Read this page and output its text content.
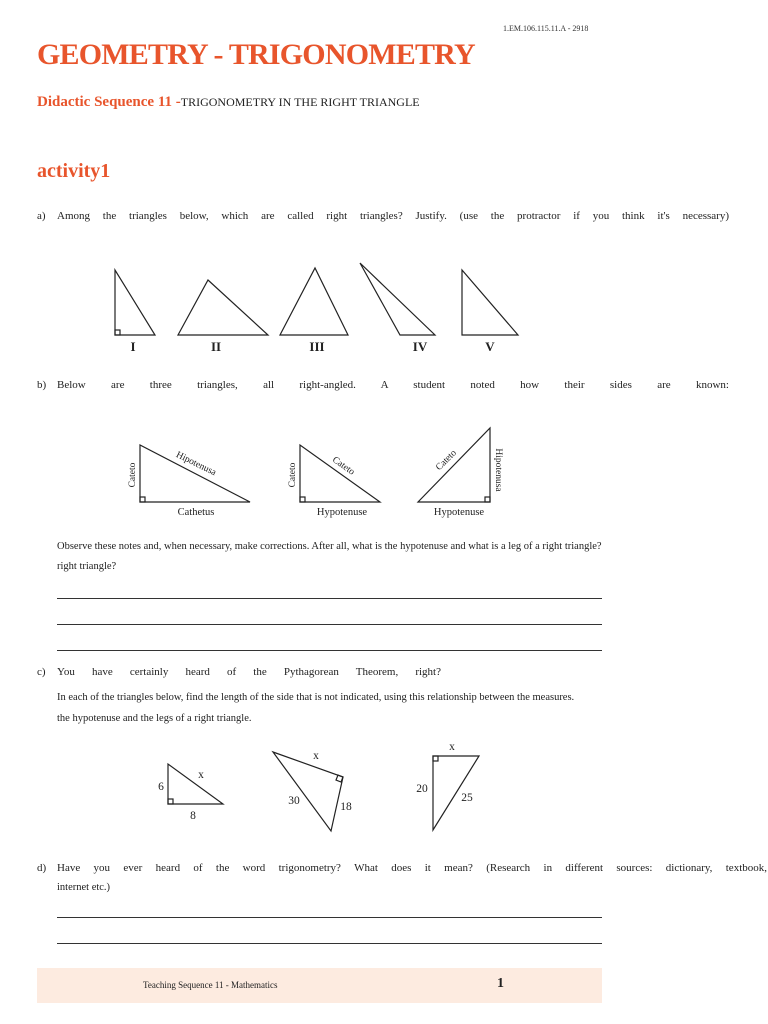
1.EM.106.115.11.A - 2918
GEOMETRY - TRIGONOMETRY
Didactic Sequence 11 -TRIGONOMETRY IN THE RIGHT TRIANGLE
activity1
a) Among the triangles below, which are called right triangles? Justify. (use the protractor if you think it's necessary)
I	II	III	IV	V
b) Below are three triangles, all right-angled. A student noted how their sides are known:
Cateto	Hipotenusa	Cateto	Cateto	Cateto	Hipotenusa
Cathetus	Hypotenuse	Hypotenuse
Observe these notes and, when necessary, make corrections. After all, what is the hypotenuse and what is a leg of a right triangle?
right triangle?
c) You have certainly heard of the Pythagorean Theorem, right?
In each of the triangles below, find the length of the side that is not indicated, using this relationship between the measures.
the hypotenuse and the legs of a right triangle.
6
8
x
x
30	18
x
20
25
d) Have you ever heard of the word trigonometry? What does it mean? (Research in different sources: dictionary, textbook,
internet etc.)
Teaching Sequence 11 - Mathematics	1
